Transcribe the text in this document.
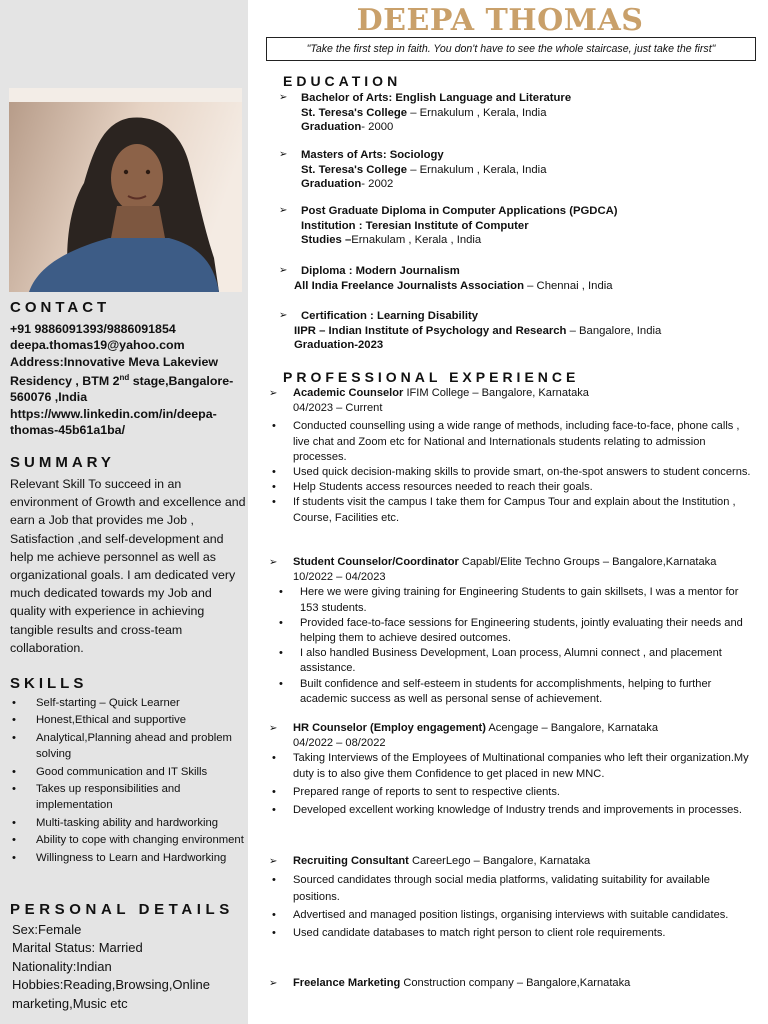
CONTACT
+91 9886091393/9886091854
deepa.thomas19@yahoo.com
Address:Innovative Meva Lakeview
Residency , BTM 2nd stage,Bangalore-
560076 ,India
https://www.linkedin.com/in/deepa-
thomas-45b61a1ba/
SUMMARY
Relevant Skill To succeed in an environment of Growth and excellence and earn a Job that provides me Job , Satisfaction ,and self-development and help me achieve personnel as well as organizational goals. I am dedicated very much dedicated towards my Job and quality with experience in achieving tangible results and cross-team collaboration.
SKILLS
• Self-starting – Quick Learner
• Honest,Ethical and supportive
• Analytical,Planning ahead and problem solving
• Good communication and IT Skills
• Takes up responsibilities and implementation
• Multi-tasking ability and hardworking
• Ability to cope with changing environment
• Willingness to Learn and Hardworking
PERSONAL DETAILS
Sex:Female
Marital Status: Married
Nationality:Indian
Hobbies:Reading,Browsing,Online marketing,Music etc
DEEPA THOMAS
"Take the first step in faith. You don't have to see the whole staircase, just take the first"
EDUCATION
➢ Bachelor of Arts: English Language and Literature
St. Teresa's College – Ernakulum , Kerala, India
Graduation- 2000
➢ Masters of Arts: Sociology
St. Teresa's College – Ernakulum , Kerala, India
Graduation- 2002
➢ Post Graduate Diploma in Computer Applications (PGDCA)
Institution : Teresian Institute of Computer
Studies –Ernakulam , Kerala , India
➢ Diploma : Modern Journalism
All India Freelance Journalists Association – Chennai , India
➢ Certification : Learning Disability
IIPR – Indian Institute of Psychology and Research – Bangalore, India
Graduation-2023
PROFESSIONAL EXPERIENCE
➢ Academic Counselor IFIM College – Bangalore, Karnataka
04/2023 – Current
• Conducted counselling using a wide range of methods, including face-to-face, phone calls , live chat and Zoom etc for National and Internationals students relating to admission processes.
• Used quick decision-making skills to provide smart, on-the-spot answers to student concerns.
• Help Students access resources needed to reach their goals.
• If students visit the campus I take them for Campus Tour and explain about the Institution , Course, Facilities etc.
➢ Student Counselor/Coordinator Capabl/Elite Techno Groups – Bangalore,Karnataka
10/2022 – 04/2023
• Here we were giving training for Engineering Students to gain skillsets, I was a mentor for 153 students.
• Provided face-to-face sessions for Engineering students, jointly evaluating their needs and helping them to achieve desired outcomes.
• I also handled Business Development, Loan process, Alumni connect , and placement assistance.
• Built confidence and self-esteem in students for accomplishments, helping to further academic success as well as personal sense of achievement.
➢ HR Counselor (Employ engagement) Acengage – Bangalore, Karnataka
04/2022 – 08/2022
• Taking Interviews of the Employees of Multinational companies who left their organization.My duty is to also give them Confidence to get placed in new MNC.
• Prepared range of reports to sent to respective clients.
• Developed excellent working knowledge of Industry trends and improvements in processes.
➢ Recruiting Consultant CareerLego – Bangalore, Karnataka
• Sourced candidates through social media platforms, validating suitability for available positions.
• Advertised and managed position listings, organising interviews with suitable candidates.
• Used candidate databases to match right person to client role requirements.
➢ Freelance Marketing Construction company – Bangalore,Karnataka
